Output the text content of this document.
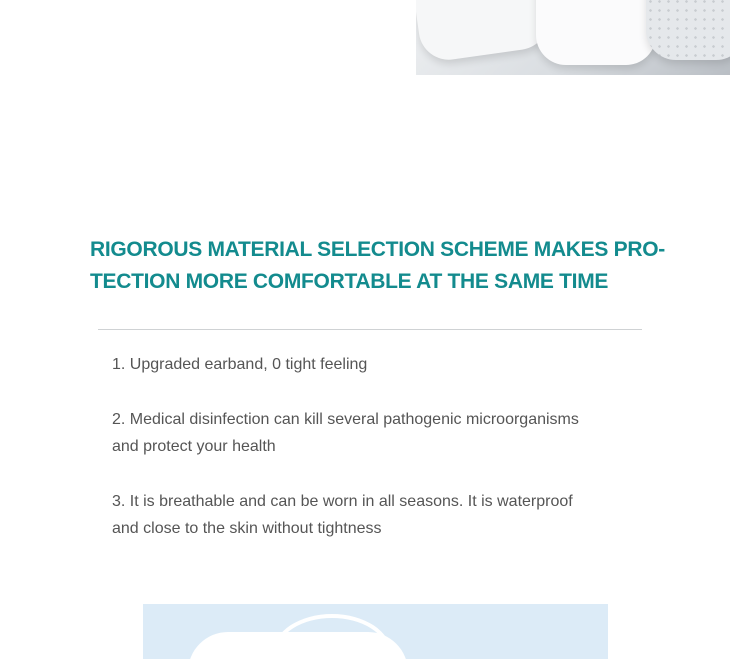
RIGOROUS MATERIAL SELECTION SCHEME MAKES PRO-
TECTION MORE COMFORTABLE AT THE SAME TIME

1. Upgraded earband, 0 tight feeling

2. Medical disinfection can kill several pathogenic microorganisms
and protect your health

3. It is breathable and can be worn in all seasons. It is waterproof
and close to the skin without tightness
